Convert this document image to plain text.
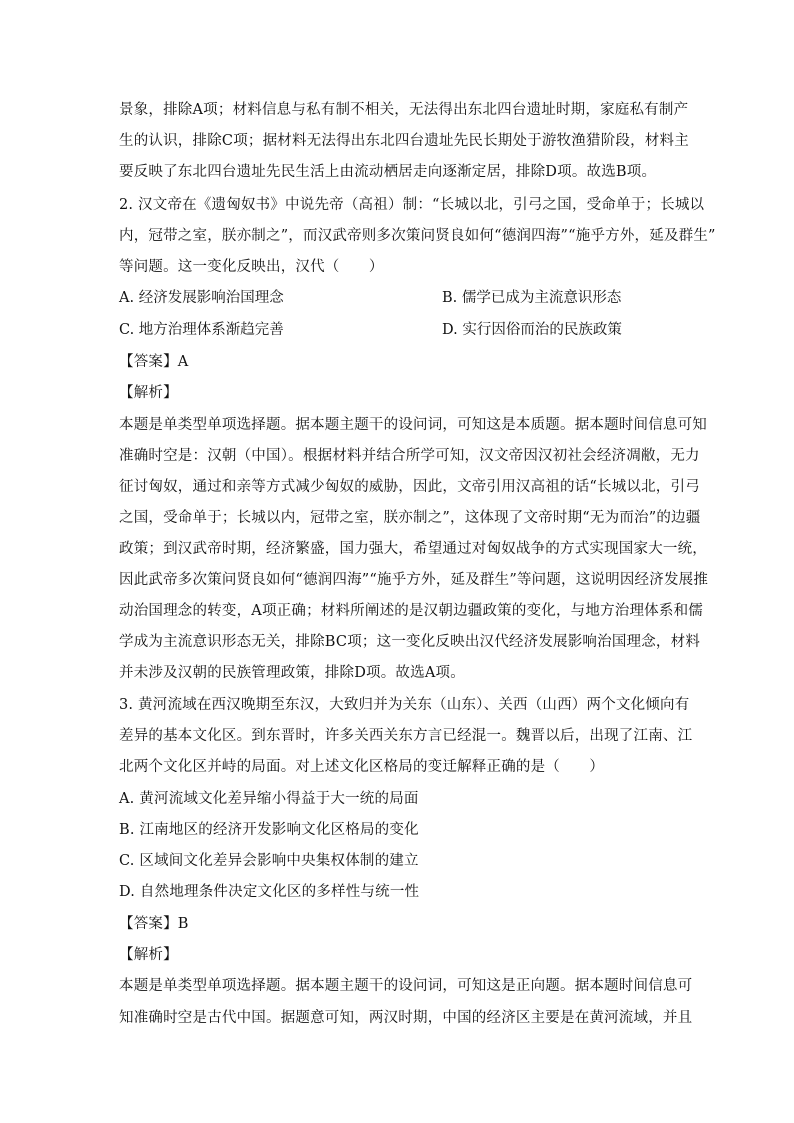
景象，排除A项；材料信息与私有制不相关，无法得出东北四台遗址时期，家庭私有制产
生的认识，排除C项；据材料无法得出东北四台遗址先民长期处于游牧渔猎阶段，材料主
要反映了东北四台遗址先民生活上由流动栖居走向逐渐定居，排除D项。故选B项。
2. 汉文帝在《遗匈奴书》中说先帝（高祖）制：“长城以北，引弓之国，受命单于；长城以
内，冠带之室，朕亦制之”，而汉武帝则多次策问贤良如何“德润四海”“施乎方外，延及群生”
等问题。这一变化反映出，汉代（　　）
A. 经济发展影响治国理念	B. 儒学已成为主流意识形态
C. 地方治理体系渐趋完善	D. 实行因俗而治的民族政策
【答案】A
【解析】
本题是单类型单项选择题。据本题主题干的设问词，可知这是本质题。据本题时间信息可知
准确时空是：汉朝（中国）。根据材料并结合所学可知，汉文帝因汉初社会经济凋敝，无力
征讨匈奴，通过和亲等方式减少匈奴的威胁，因此，文帝引用汉高祖的话“长城以北，引弓
之国，受命单于；长城以内，冠带之室，朕亦制之”，这体现了文帝时期“无为而治”的边疆
政策；到汉武帝时期，经济繁盛，国力强大，希望通过对匈奴战争的方式实现国家大一统，
因此武帝多次策问贤良如何“德润四海”“施乎方外，延及群生”等问题，这说明因经济发展推
动治国理念的转变，A项正确；材料所阐述的是汉朝边疆政策的变化，与地方治理体系和儒
学成为主流意识形态无关，排除BC项；这一变化反映出汉代经济发展影响治国理念，材料
并未涉及汉朝的民族管理政策，排除D项。故选A项。
3. 黄河流域在西汉晚期至东汉，大致归并为关东（山东）、关西（山西）两个文化倾向有
差异的基本文化区。到东晋时，许多关西关东方言已经混一。魏晋以后，出现了江南、江
北两个文化区并峙的局面。对上述文化区格局的变迁解释正确的是（　　）
A. 黄河流域文化差异缩小得益于大一统的局面
B. 江南地区的经济开发影响文化区格局的变化
C. 区域间文化差异会影响中央集权体制的建立
D. 自然地理条件决定文化区的多样性与统一性
【答案】B
【解析】
本题是单类型单项选择题。据本题主题干的设问词，可知这是正向题。据本题时间信息可
知准确时空是古代中国。据题意可知，两汉时期，中国的经济区主要是在黄河流域，并且
